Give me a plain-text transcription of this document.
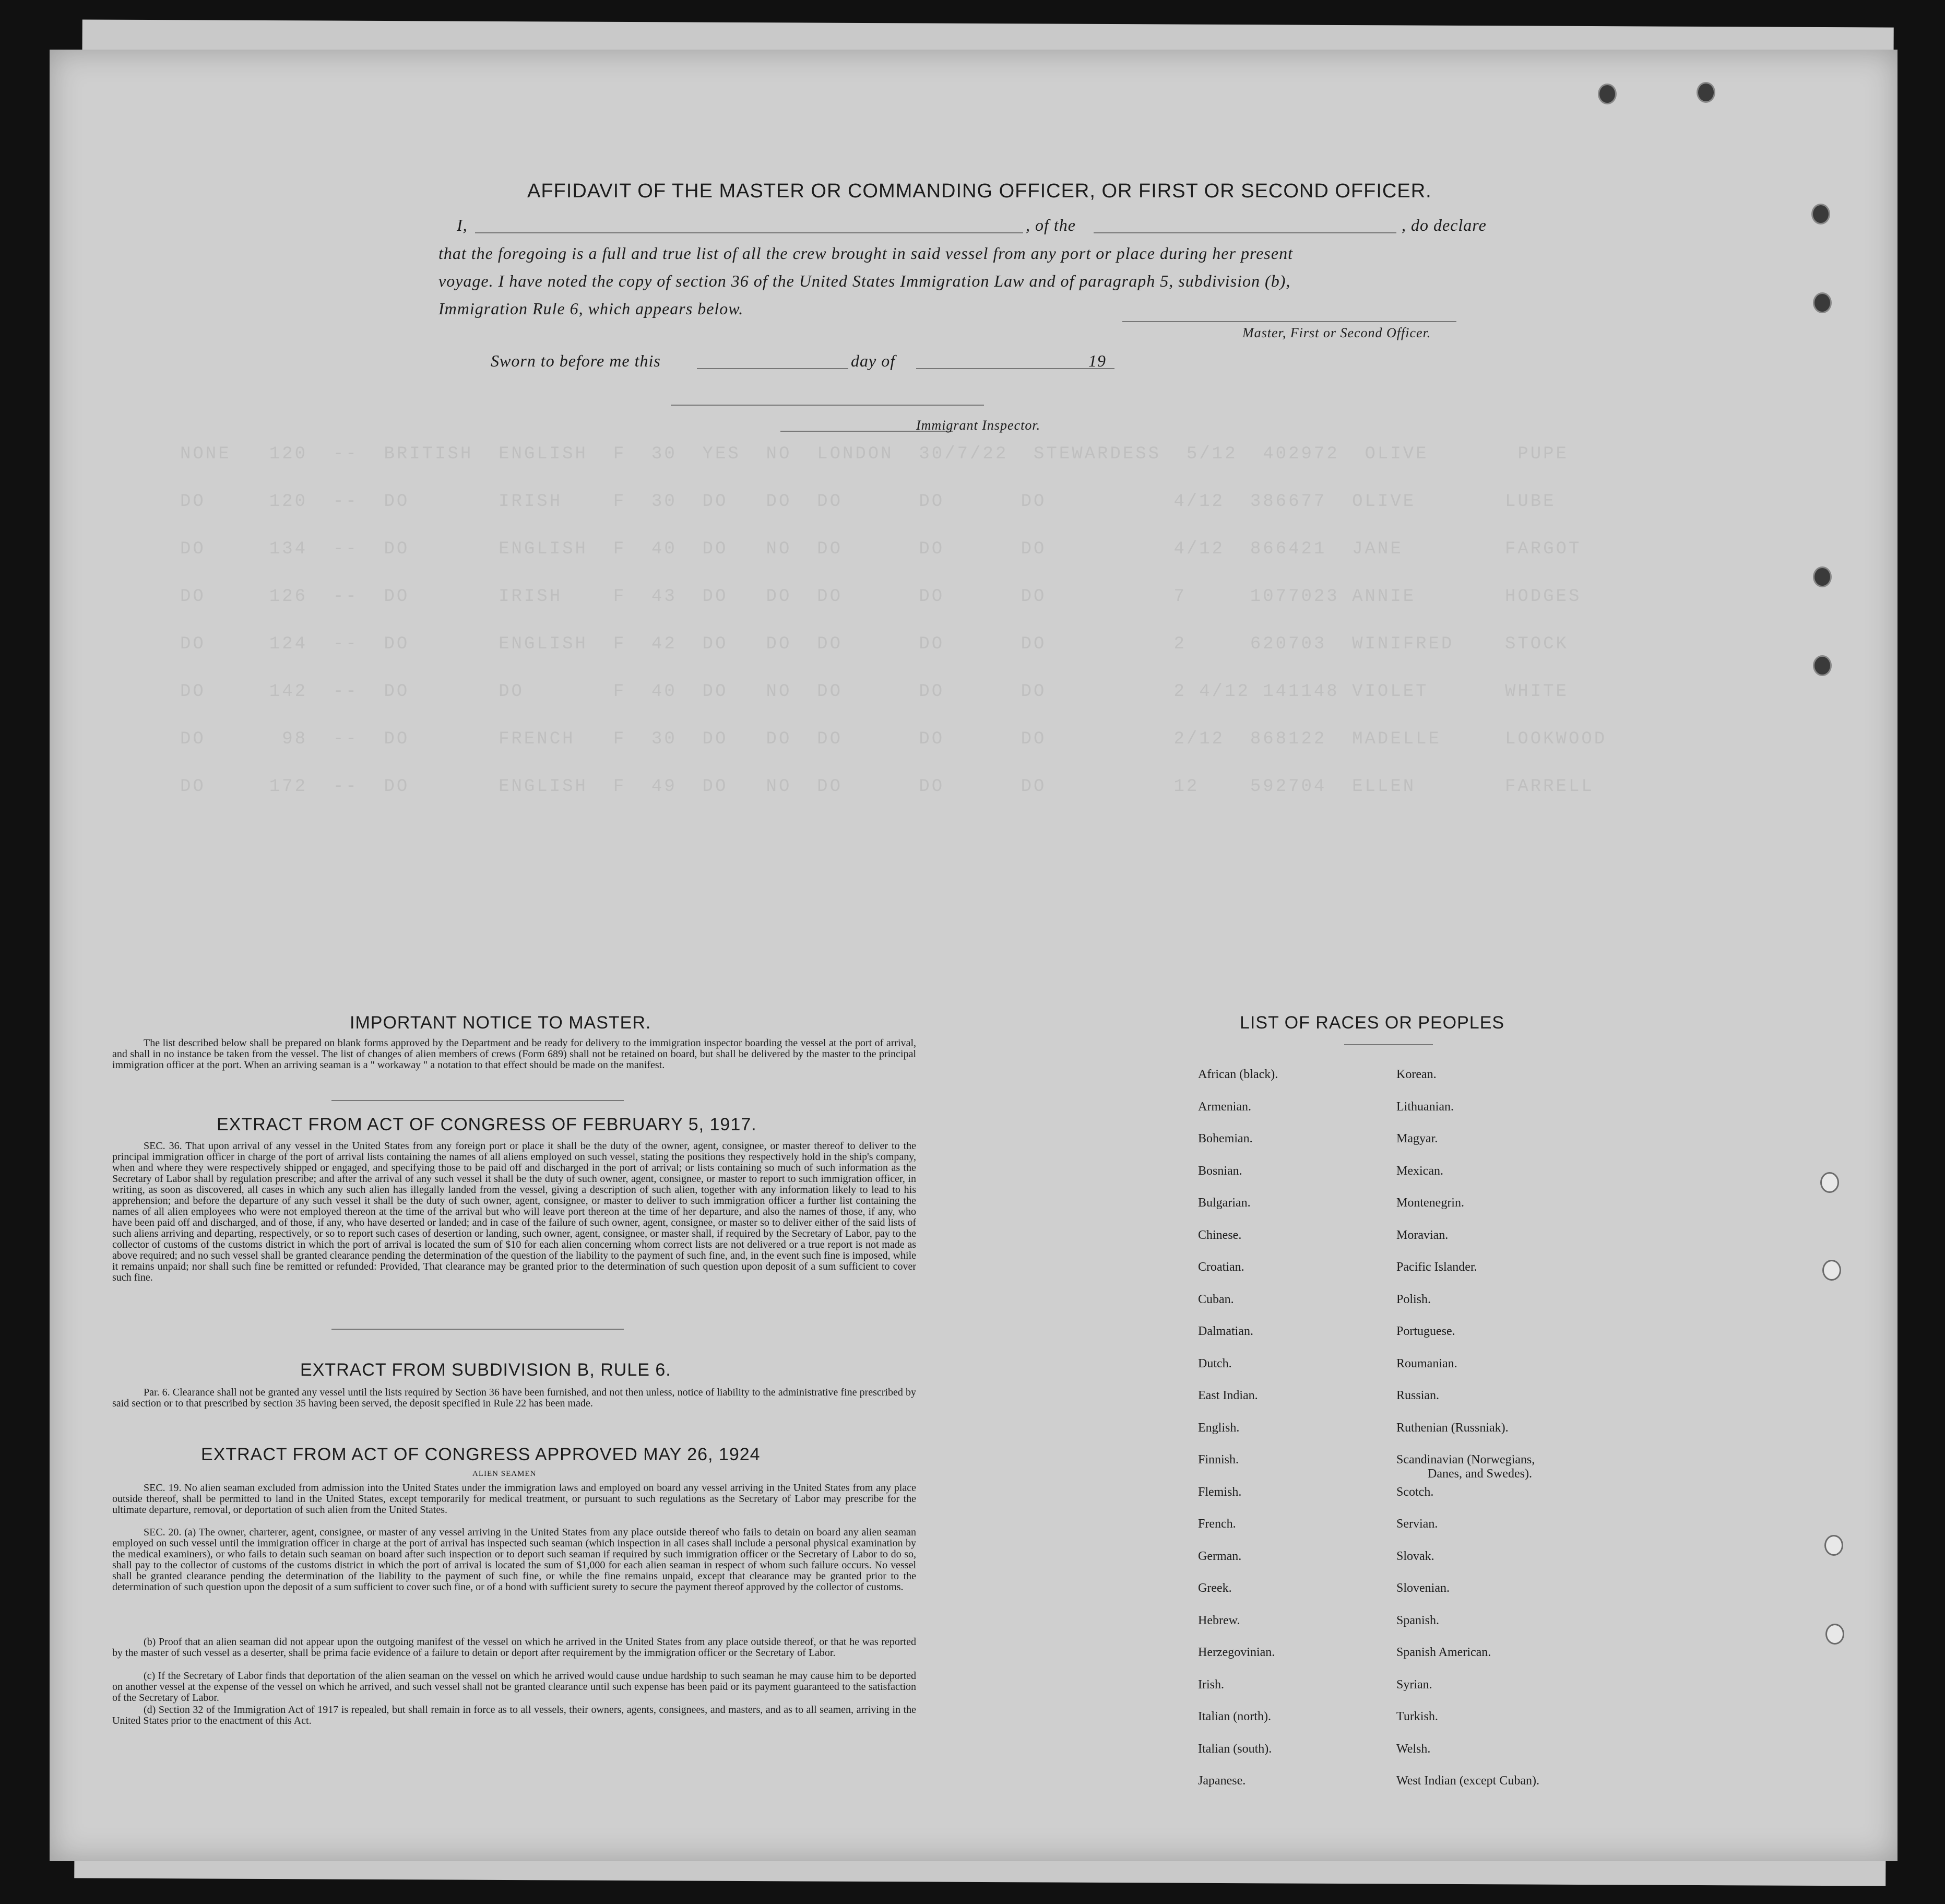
NONE   120  --  BRITISH  ENGLISH  F  30  YES  NO  LONDON  30/7/22  STEWARDESS  5/12  402972  OLIVE       PUPE
DO     120  --  DO       IRISH    F  30  DO   DO  DO      DO      DO          4/12  386677  OLIVE       LUBE
DO     134  --  DO       ENGLISH  F  40  DO   NO  DO      DO      DO          4/12  866421  JANE        FARGOT
DO     126  --  DO       IRISH    F  43  DO   DO  DO      DO      DO          7     1077023 ANNIE       HODGES
DO     124  --  DO       ENGLISH  F  42  DO   DO  DO      DO      DO          2     620703  WINIFRED    STOCK
DO     142  --  DO       DO       F  40  DO   NO  DO      DO      DO          2 4/12 141148 VIOLET      WHITE
DO      98  --  DO       FRENCH   F  30  DO   DO  DO      DO      DO          2/12  868122  MADELLE     LOOKWOOD
DO     172  --  DO       ENGLISH  F  49  DO   NO  DO      DO      DO          12    592704  ELLEN       FARRELL
AFFIDAVIT OF THE MASTER OR COMMANDING OFFICER, OR FIRST OR SECOND OFFICER.
I,	, of the	, do declare
that the foregoing is a full and true list of all the crew brought in said vessel from any port or place during her present
voyage. I have noted the copy of section 36 of the United States Immigration Law and of paragraph 5, subdivision (b),
Immigration Rule 6, which appears below.
Master, First or Second Officer.
Sworn to before me this	day of	19
Immigrant Inspector.
IMPORTANT NOTICE TO MASTER.
The list described below shall be prepared on blank forms approved by the Department and be ready for delivery to the immigration inspector boarding the vessel at the port of arrival, and shall in no instance be taken from the vessel. The list of changes of alien members of crews (Form 689) shall not be retained on board, but shall be delivered by the master to the principal immigration officer at the port. When an arriving seaman is a " workaway " a notation to that effect should be made on the manifest.
EXTRACT FROM ACT OF CONGRESS OF FEBRUARY 5, 1917.
SEC. 36. That upon arrival of any vessel in the United States from any foreign port or place it shall be the duty of the owner, agent, consignee, or master thereof to deliver to the principal immigration officer in charge of the port of arrival lists containing the names of all aliens employed on such vessel, stating the positions they respectively hold in the ship's company, when and where they were respectively shipped or engaged, and specifying those to be paid off and discharged in the port of arrival; or lists containing so much of such information as the Secretary of Labor shall by regulation prescribe; and after the arrival of any such vessel it shall be the duty of such owner, agent, consignee, or master to report to such immigration officer, in writing, as soon as discovered, all cases in which any such alien has illegally landed from the vessel, giving a description of such alien, together with any information likely to lead to his apprehension; and before the departure of any such vessel it shall be the duty of such owner, agent, consignee, or master to deliver to such immigration officer a further list containing the names of all alien employees who were not employed thereon at the time of the arrival but who will leave port thereon at the time of her departure, and also the names of those, if any, who have been paid off and discharged, and of those, if any, who have deserted or landed; and in case of the failure of such owner, agent, consignee, or master so to deliver either of the said lists of such aliens arriving and departing, respectively, or so to report such cases of desertion or landing, such owner, agent, consignee, or master shall, if required by the Secretary of Labor, pay to the collector of customs of the customs district in which the port of arrival is located the sum of $10 for each alien concerning whom correct lists are not delivered or a true report is not made as above required; and no such vessel shall be granted clearance pending the determination of the question of the liability to the payment of such fine, and, in the event such fine is imposed, while it remains unpaid; nor shall such fine be remitted or refunded: Provided, That clearance may be granted prior to the determination of such question upon deposit of a sum sufficient to cover such fine.
EXTRACT FROM SUBDIVISION B, RULE 6.
Par. 6. Clearance shall not be granted any vessel until the lists required by Section 36 have been furnished, and not then unless, notice of liability to the administrative fine prescribed by said section or to that prescribed by section 35 having been served, the deposit specified in Rule 22 has been made.
EXTRACT FROM ACT OF CONGRESS APPROVED MAY 26, 1924
ALIEN SEAMEN
SEC. 19. No alien seaman excluded from admission into the United States under the immigration laws and employed on board any vessel arriving in the United States from any place outside thereof, shall be permitted to land in the United States, except temporarily for medical treatment, or pursuant to such regulations as the Secretary of Labor may prescribe for the ultimate departure, removal, or deportation of such alien from the United States.
SEC. 20. (a) The owner, charterer, agent, consignee, or master of any vessel arriving in the United States from any place outside thereof who fails to detain on board any alien seaman employed on such vessel until the immigration officer in charge at the port of arrival has inspected such seaman (which inspection in all cases shall include a personal physical examination by the medical examiners), or who fails to detain such seaman on board after such inspection or to deport such seaman if required by such immigration officer or the Secretary of Labor to do so, shall pay to the collector of customs of the customs district in which the port of arrival is located the sum of $1,000 for each alien seaman in respect of whom such failure occurs. No vessel shall be granted clearance pending the determination of the liability to the payment of such fine, or while the fine remains unpaid, except that clearance may be granted prior to the determination of such question upon the deposit of a sum sufficient to cover such fine, or of a bond with sufficient surety to secure the payment thereof approved by the collector of customs.
(b) Proof that an alien seaman did not appear upon the outgoing manifest of the vessel on which he arrived in the United States from any place outside thereof, or that he was reported by the master of such vessel as a deserter, shall be prima facie evidence of a failure to detain or deport after requirement by the immigration officer or the Secretary of Labor.
(c) If the Secretary of Labor finds that deportation of the alien seaman on the vessel on which he arrived would cause undue hardship to such seaman he may cause him to be deported on another vessel at the expense of the vessel on which he arrived, and such vessel shall not be granted clearance until such expense has been paid or its payment guaranteed to the satisfaction of the Secretary of Labor.
(d) Section 32 of the Immigration Act of 1917 is repealed, but shall remain in force as to all vessels, their owners, agents, consignees, and masters, and as to all seamen, arriving in the United States prior to the enactment of this Act.
LIST OF RACES OR PEOPLES
African (black).
Armenian.
Bohemian.
Bosnian.
Bulgarian.
Chinese.
Croatian.
Cuban.
Dalmatian.
Dutch.
East Indian.
English.
Finnish.
Flemish.
French.
German.
Greek.
Hebrew.
Herzegovinian.
Irish.
Italian (north).
Italian (south).
Japanese.
Korean.
Lithuanian.
Magyar.
Mexican.
Montenegrin.
Moravian.
Pacific Islander.
Polish.
Portuguese.
Roumanian.
Russian.
Ruthenian (Russniak).
Scandinavian (Norwegians,
Danes, and Swedes).
Scotch.
Servian.
Slovak.
Slovenian.
Spanish.
Spanish American.
Syrian.
Turkish.
Welsh.
West Indian (except Cuban).
